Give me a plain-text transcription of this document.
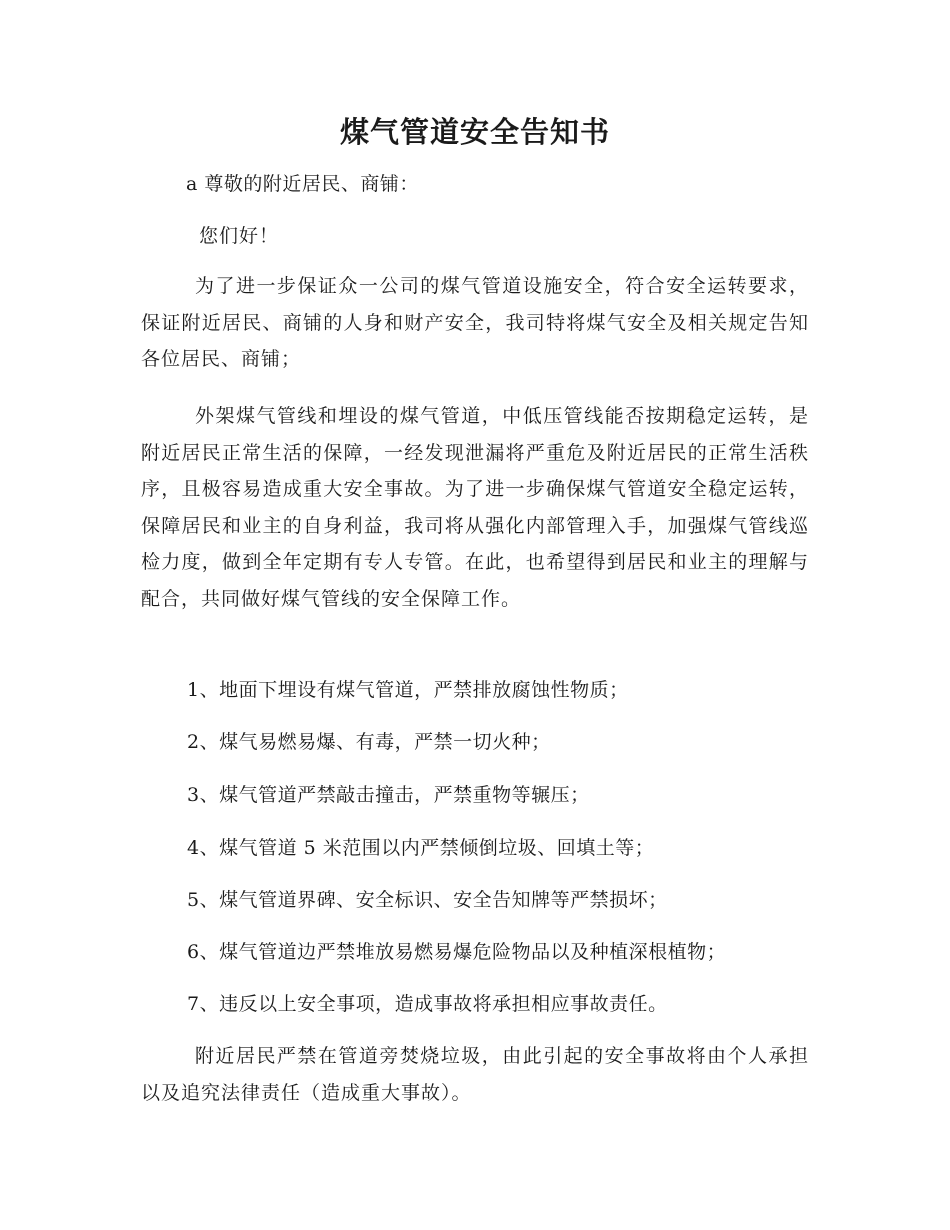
煤气管道安全告知书
a 尊敬的附近居民、商铺：
您们好！
为了进一步保证众一公司的煤气管道设施安全，符合安全运转要求，保证附近居民、商铺的人身和财产安全，我司特将煤气安全及相关规定告知各位居民、商铺；
外架煤气管线和埋设的煤气管道，中低压管线能否按期稳定运转，是附近居民正常生活的保障，一经发现泄漏将严重危及附近居民的正常生活秩序，且极容易造成重大安全事故。为了进一步确保煤气管道安全稳定运转，保障居民和业主的自身利益，我司将从强化内部管理入手，加强煤气管线巡检力度，做到全年定期有专人专管。在此，也希望得到居民和业主的理解与配合，共同做好煤气管线的安全保障工作。
1、地面下埋设有煤气管道，严禁排放腐蚀性物质；
2、煤气易燃易爆、有毒，严禁一切火种；
3、煤气管道严禁敲击撞击，严禁重物等辗压；
4、煤气管道 5 米范围以内严禁倾倒垃圾、回填土等；
5、煤气管道界碑、安全标识、安全告知牌等严禁损坏；
6、煤气管道边严禁堆放易燃易爆危险物品以及种植深根植物；
7、违反以上安全事项，造成事故将承担相应事故责任。
附近居民严禁在管道旁焚烧垃圾，由此引起的安全事故将由个人承担以及追究法律责任（造成重大事故）。
